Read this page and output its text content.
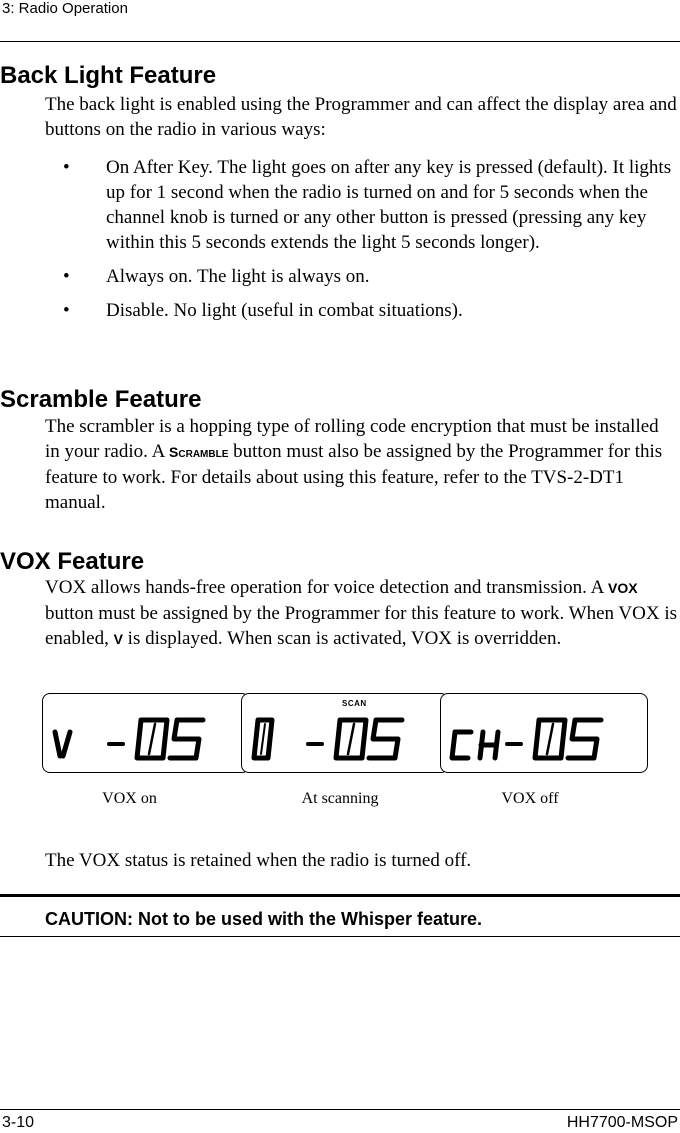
3: Radio Operation
Back Light Feature

The back light is enabled using the Programmer and can affect the display area and buttons on the radio in various ways:

• On After Key. The light goes on after any key is pressed (default). It lights up for 1 second when the radio is turned on and for 5 seconds when the channel knob is turned or any other button is pressed (pressing any key within this 5 seconds extends the light 5 seconds longer).
• Always on. The light is always on.
• Disable. No light (useful in combat situations).
Scramble Feature

The scrambler is a hopping type of rolling code encryption that must be installed in your radio. A Scramble button must also be assigned by the Programmer for this feature to work. For details about using this feature, refer to the TVS-2-DT1 manual.

VOX Feature

VOX allows hands-free operation for voice detection and transmission. A VOX button must be assigned by the Programmer for this feature to work. When VOX is enabled, V is displayed. When scan is activated, VOX is overridden.

VOX on
SCAN
At scanning	VOX off

The VOX status is retained when the radio is turned off.

CAUTION: Not to be used with the Whisper feature.
3-10	HH7700-MSOP
